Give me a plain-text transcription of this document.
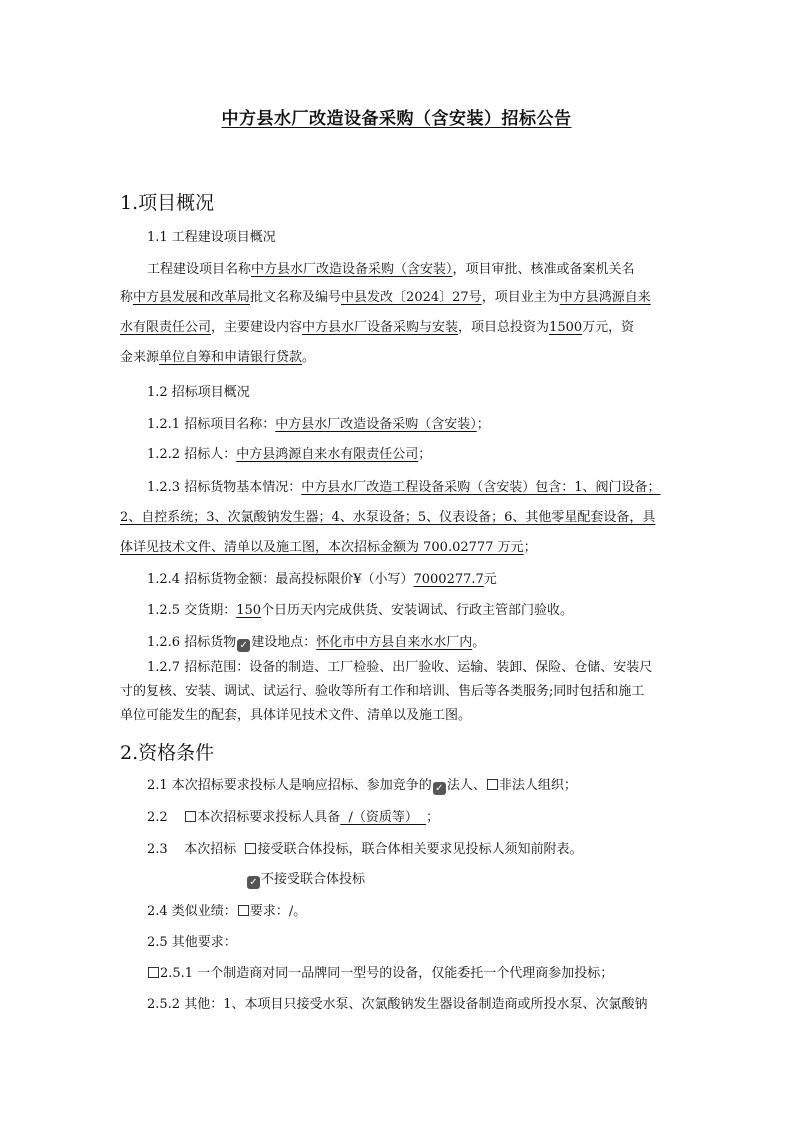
中方县水厂改造设备采购（含安装）招标公告
1.项目概况
1.1 工程建设项目概况
工程建设项目名称中方县水厂改造设备采购（含安装），项目审批、核准或备案机关名
称中方县发展和改革局批文名称及编号中县发改〔2024〕27号，项目业主为中方县鸿源自来
水有限责任公司，主要建设内容中方县水厂设备采购与安装，项目总投资为1500万元，资
金来源单位自筹和申请银行贷款。
1.2 招标项目概况
1.2.1 招标项目名称：中方县水厂改造设备采购（含安装）；
1.2.2 招标人：中方县鸿源自来水有限责任公司；
1.2.3 招标货物基本情况：中方县水厂改造工程设备采购（含安装）包含：1、阀门设备；
2、自控系统；3、次氯酸钠发生器；4、水泵设备；5、仪表设备；6、其他零星配套设备，具
体详见技术文件、清单以及施工图，本次招标金额为 700.02777 万元；
1.2.4 招标货物金额：最高投标限价¥（小写）7000277.7元
1.2.5 交货期：150个日历天内完成供货、安装调试、行政主管部门验收。
1.2.6 招标货物 ✓ 建设地点：怀化市中方县自来水水厂内。
1.2.7 招标范围：设备的制造、工厂检验、出厂验收、运输、装卸、保险、仓储、安装尺
寸的复核、安装、调试、试运行、验收等所有工作和培训、售后等各类服务;同时包括和施工
单位可能发生的配套，具体详见技术文件、清单以及施工图。
2.资格条件
2.1 本次招标要求投标人是响应招标、参加竞争的 ✓ 法人、 非法人组织；
2.2    本次招标要求投标人具备  /（资质等）  ；
2.3    本次招标  接受联合体投标，联合体相关要求见投标人须知前附表。
✓ 不接受联合体投标
2.4 类似业绩： 要求：/。
2.5 其他要求：
2.5.1 一个制造商对同一品牌同一型号的设备，仅能委托一个代理商参加投标；
2.5.2 其他：1、本项目只接受水泵、次氯酸钠发生器设备制造商或所投水泵、次氯酸钠
